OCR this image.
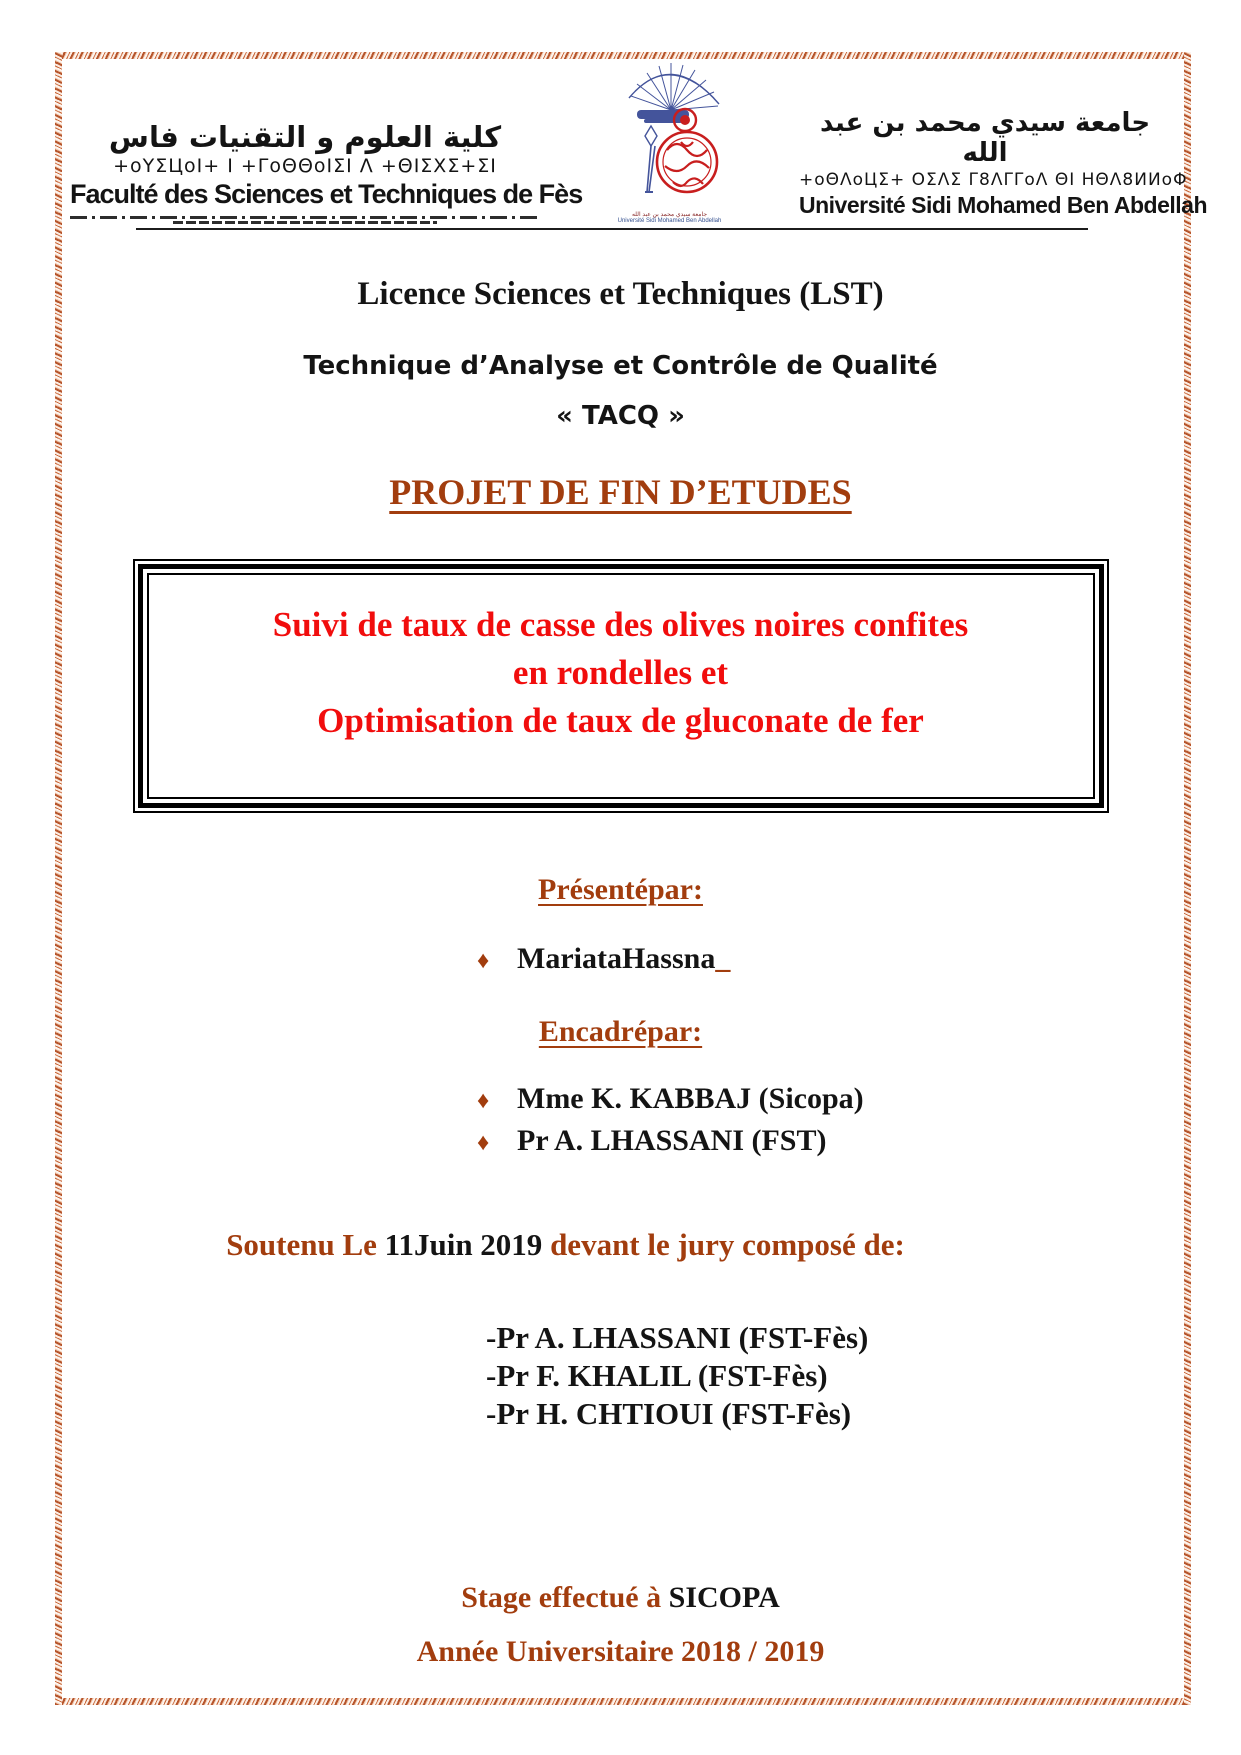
كلية العلوم و التقنيات فاس
+oYΣЦoΙ+ Ι +ΓoΘΘoΙΣΙ Λ +ΘΙΣΧΣ+ΣΙ
Faculté des Sciences et Techniques de Fès
جامعة سيدي محمد بن عبد الله
Université Sidi Mohamed Ben Abdellah
جامعة سيدي محمد بن عبد الله
+oΘΛoЦΣ+ ΟΣΛΣ Γ8ΛΓΓoΛ ΘΙ ΗΘΛ8ИИoΦ
Université Sidi Mohamed Ben Abdellah
Licence Sciences et Techniques (LST)
Technique d’Analyse et Contrôle de Qualité
« TACQ »
PROJET DE FIN D’ETUDES
Suivi de taux de casse des olives noires confites
en rondelles et
Optimisation de taux de gluconate de fer
Présentépar:
♦ MariataHassna_
Encadrépar:
♦ Mme K. KABBAJ (Sicopa)
♦ Pr A. LHASSANI (FST)
Soutenu Le 11Juin 2019 devant le jury composé de:
-Pr A. LHASSANI (FST-Fès)
-Pr F. KHALIL (FST-Fès)
-Pr H. CHTIOUI (FST-Fès)
Stage effectué à SICOPA
Année Universitaire 2018 / 2019
